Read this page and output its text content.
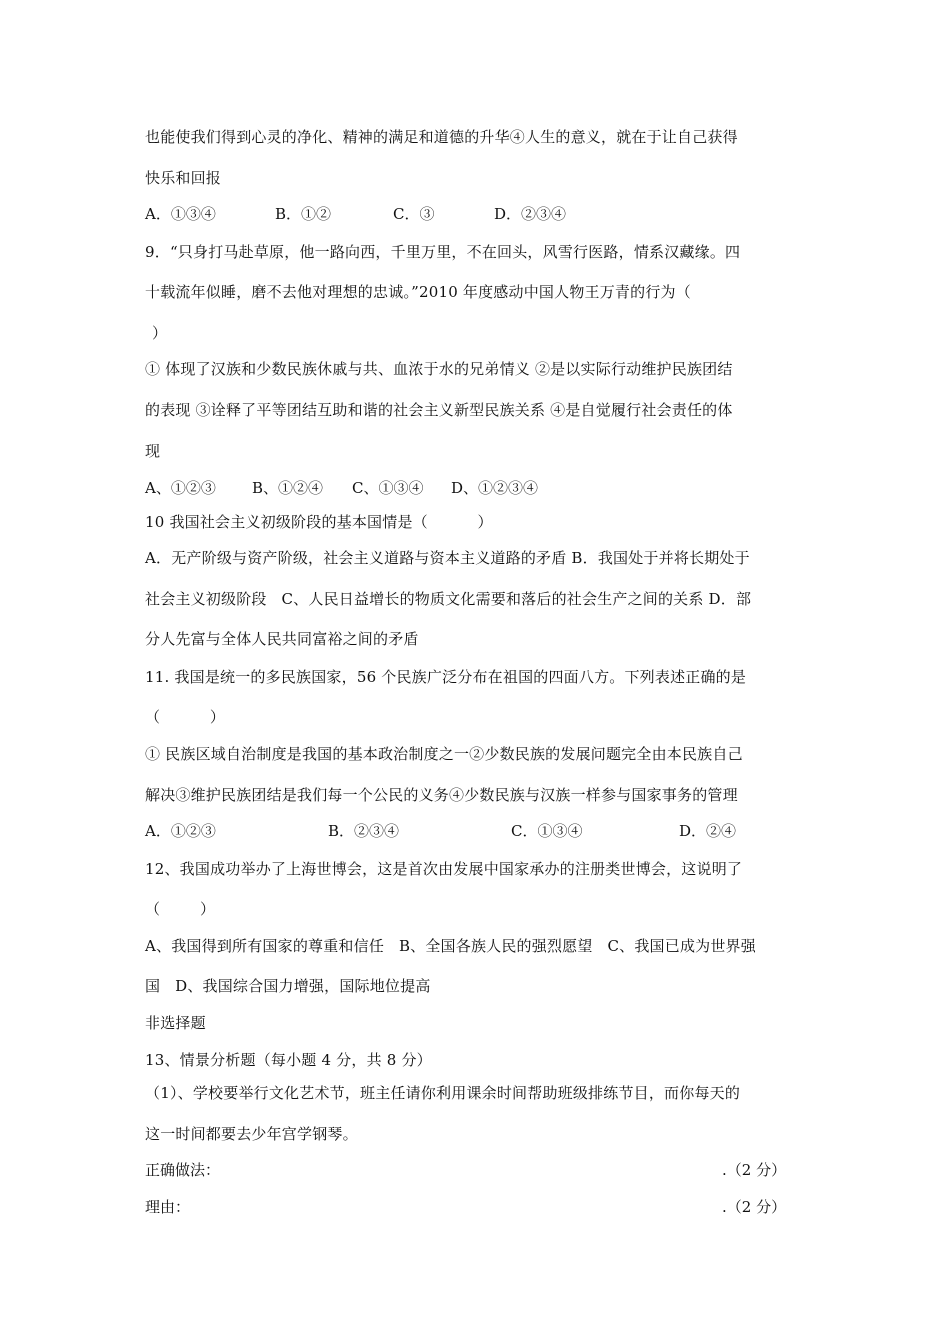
也能使我们得到心灵的净化、精神的满足和道德的升华④人生的意义，就在于让自己获得
快乐和回报
A．①③④	B．①②	C．③	D．②③④
9．“只身打马赴草原，他一路向西，千里万里，不在回头，风雪行医路，情系汉藏缘。四
十载流年似睡，磨不去他对理想的忠诚。”2010 年度感动中国人物王万青的行为（
）
① 体现了汉族和少数民族休戚与共、血浓于水的兄弟情义 ②是以实际行动维护民族团结
的表现 ③诠释了平等团结互助和谐的社会主义新型民族关系 ④是自觉履行社会责任的体
现
A、①②③ B、①②④ C、①③④ D、①②③④
10 我国社会主义初级阶段的基本国情是（          ）
A．无产阶级与资产阶级，社会主义道路与资本主义道路的矛盾 B．我国处于并将长期处于
社会主义初级阶段   C、人民日益增长的物质文化需要和落后的社会生产之间的关系 D．部
分人先富与全体人民共同富裕之间的矛盾
11. 我国是统一的多民族国家，56 个民族广泛分布在祖国的四面八方。下列表述正确的是
（          ）
① 民族区域自治制度是我国的基本政治制度之一②少数民族的发展问题完全由本民族自己
解决③维护民族团结是我们每一个公民的义务④少数民族与汉族一样参与国家事务的管理
A．①②③	B．②③④	C．①③④	D．②④
12、我国成功举办了上海世博会，这是首次由发展中国家承办的注册类世博会，这说明了
（        ）
A、我国得到所有国家的尊重和信任   B、全国各族人民的强烈愿望   C、我国已成为世界强
国   D、我国综合国力增强，国际地位提高
非选择题
13、情景分析题（每小题 4 分，共 8 分）
（1）、学校要举行文化艺术节，班主任请你利用课余时间帮助班级排练节目，而你每天的
这一时间都要去少年宫学钢琴。
正确做法：	.（2 分）
理由：	.（2 分）
